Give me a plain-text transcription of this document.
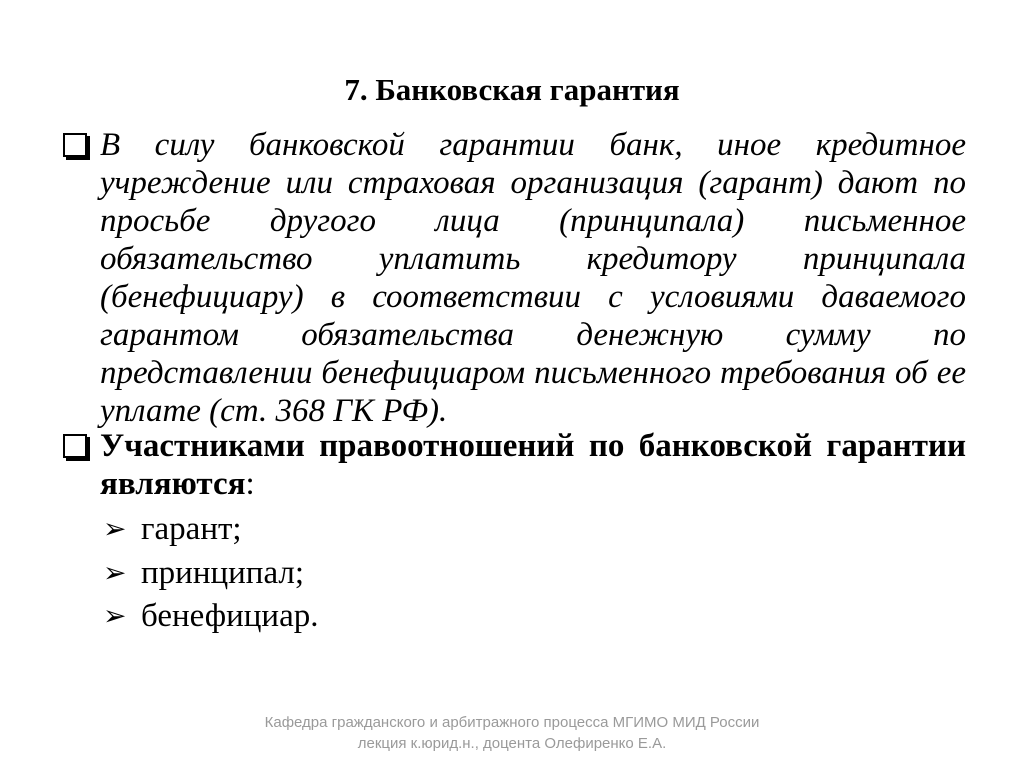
7. Банковская гарантия

В силу банковской гарантии банк, иное кредитное учреждение или страховая организация (гарант) дают по просьбе другого лица (принципала) письменное обязательство уплатить кредитору принципала (бенефициару) в соответствии с условиями даваемого гарантом обязательства денежную сумму по представлении бенефициаром письменного требования об ее уплате (ст. 368 ГК РФ).

Участниками правоотношений по банковской гарантии являются:

➢ гарант;
➢ принципал;
➢ бенефициар.
Кафедра гражданского и арбитражного процесса МГИМО МИД России
лекция к.юрид.н., доцента Олефиренко Е.А.
